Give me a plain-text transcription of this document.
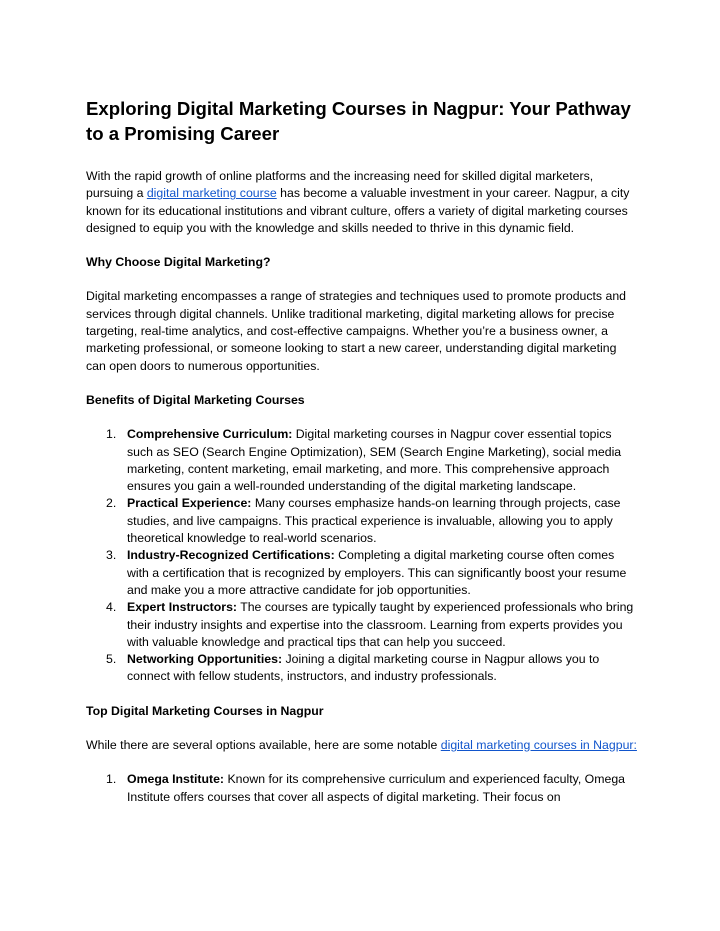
Exploring Digital Marketing Courses in Nagpur: Your Pathway to a Promising Career

With the rapid growth of online platforms and the increasing need for skilled digital marketers, pursuing a digital marketing course has become a valuable investment in your career. Nagpur, a city known for its educational institutions and vibrant culture, offers a variety of digital marketing courses designed to equip you with the knowledge and skills needed to thrive in this dynamic field.

Why Choose Digital Marketing?

Digital marketing encompasses a range of strategies and techniques used to promote products and services through digital channels. Unlike traditional marketing, digital marketing allows for precise targeting, real-time analytics, and cost-effective campaigns. Whether you’re a business owner, a marketing professional, or someone looking to start a new career, understanding digital marketing can open doors to numerous opportunities.

Benefits of Digital Marketing Courses
1. Comprehensive Curriculum: Digital marketing courses in Nagpur cover essential topics such as SEO (Search Engine Optimization), SEM (Search Engine Marketing), social media marketing, content marketing, email marketing, and more. This comprehensive approach ensures you gain a well-rounded understanding of the digital marketing landscape.
2. Practical Experience: Many courses emphasize hands-on learning through projects, case studies, and live campaigns. This practical experience is invaluable, allowing you to apply theoretical knowledge to real-world scenarios.
3. Industry-Recognized Certifications: Completing a digital marketing course often comes with a certification that is recognized by employers. This can significantly boost your resume and make you a more attractive candidate for job opportunities.
4. Expert Instructors: The courses are typically taught by experienced professionals who bring their industry insights and expertise into the classroom. Learning from experts provides you with valuable knowledge and practical tips that can help you succeed.
5. Networking Opportunities: Joining a digital marketing course in Nagpur allows you to connect with fellow students, instructors, and industry professionals.
Top Digital Marketing Courses in Nagpur

While there are several options available, here are some notable digital marketing courses in Nagpur:

1. Omega Institute: Known for its comprehensive curriculum and experienced faculty, Omega Institute offers courses that cover all aspects of digital marketing. Their focus on
